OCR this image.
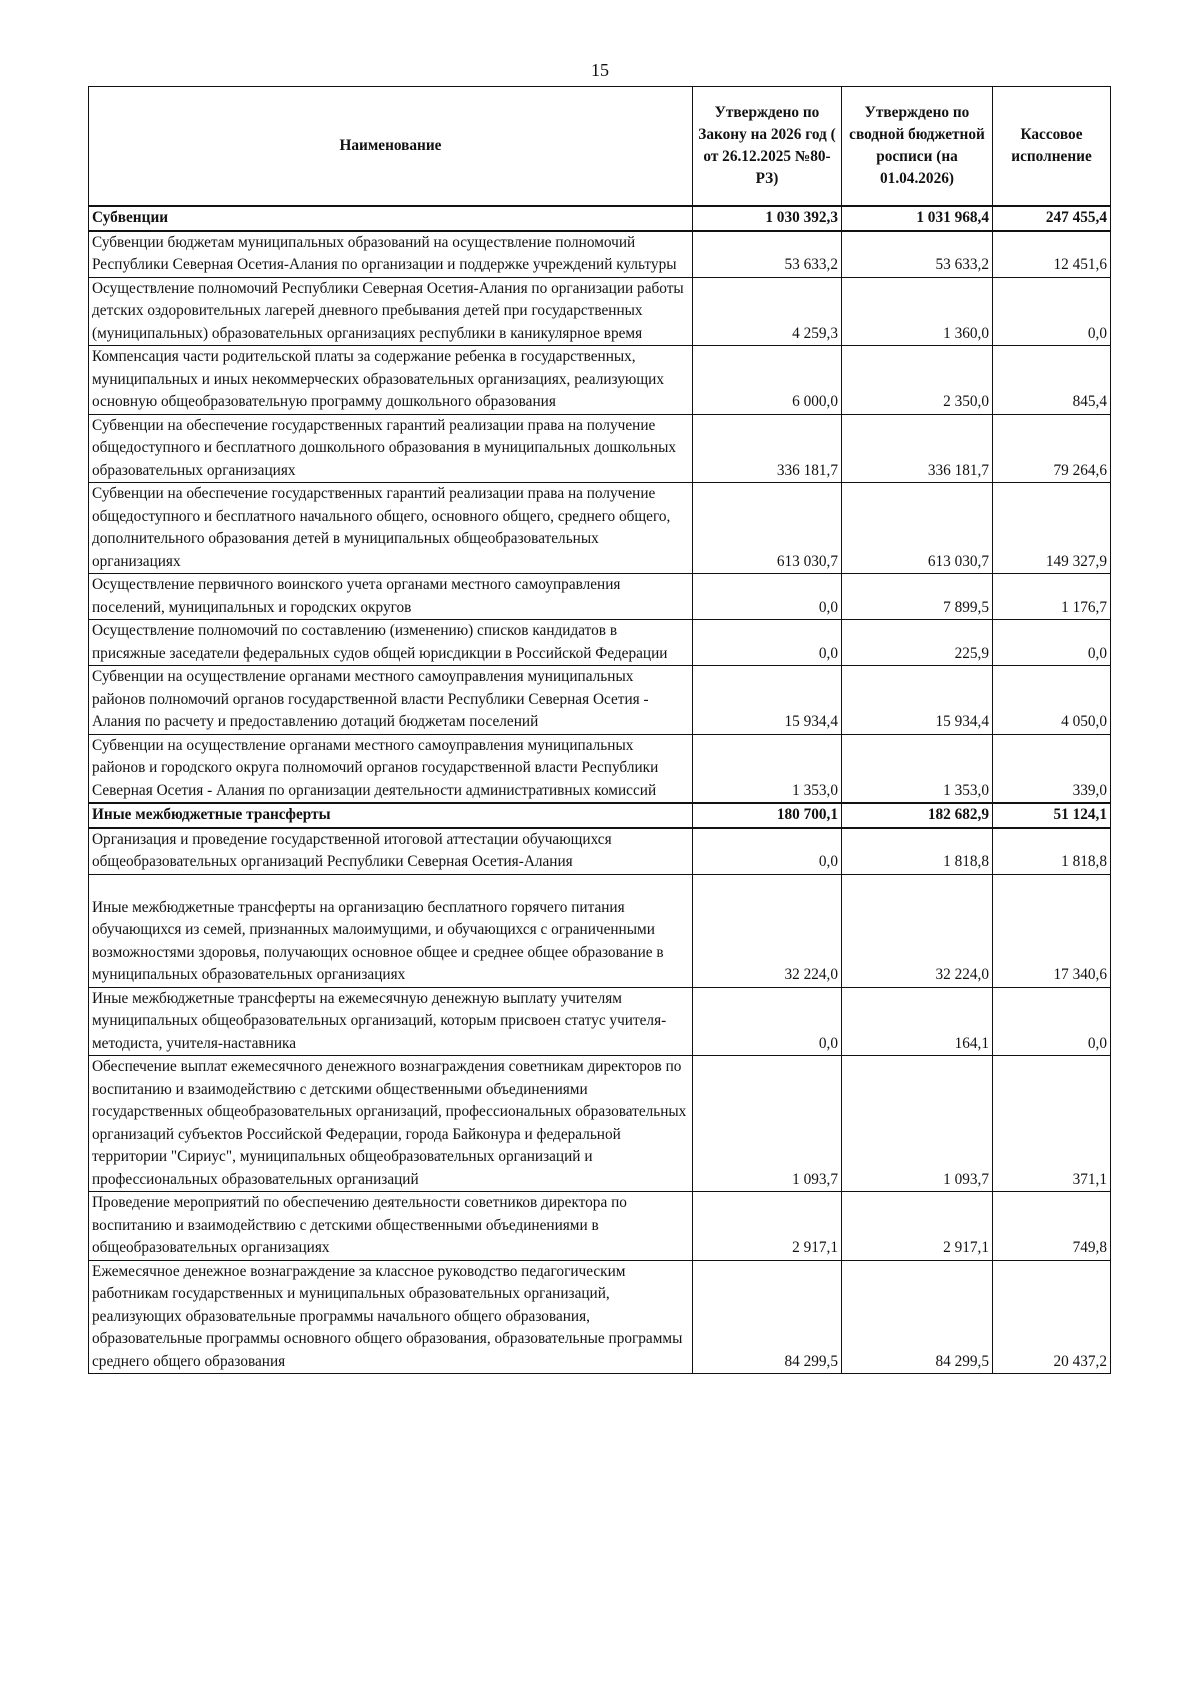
15
Наименование	Утверждено по Закону на 2026 год ( от 26.12.2025 №80-РЗ)	Утверждено по сводной бюджетной росписи (на 01.04.2026)	Кассовое исполнение
Субвенции	1 030 392,3	1 031 968,4	247 455,4
Субвенции бюджетам муниципальных образований на осуществление полномочий Республики Северная Осетия-Алания по организации и поддержке учреждений культуры	53 633,2	53 633,2	12 451,6
Осуществление полномочий Республики Северная Осетия-Алания по организации работы детских оздоровительных лагерей дневного пребывания детей при государственных (муниципальных) образовательных организациях республики в каникулярное время	4 259,3	1 360,0	0,0
Компенсация части родительской платы за содержание ребенка в государственных, муниципальных и иных некоммерческих образовательных организациях, реализующих основную общеобразовательную программу дошкольного образования	6 000,0	2 350,0	845,4
Субвенции на обеспечение государственных гарантий реализации права на получение общедоступного и бесплатного дошкольного образования в муниципальных дошкольных образовательных организациях	336 181,7	336 181,7	79 264,6
Субвенции на обеспечение государственных гарантий реализации права на получение общедоступного и бесплатного начального общего, основного общего, среднего общего, дополнительного образования детей в муниципальных общеобразовательных организациях	613 030,7	613 030,7	149 327,9
Осуществление первичного воинского учета органами местного самоуправления поселений, муниципальных и городских округов	0,0	7 899,5	1 176,7
Осуществление полномочий по составлению (изменению) списков кандидатов в присяжные заседатели федеральных судов общей юрисдикции в Российской Федерации	0,0	225,9	0,0
Субвенции на осуществление органами местного самоуправления муниципальных районов полномочий органов государственной власти Республики Северная Осетия - Алания по расчету и предоставлению дотаций бюджетам поселений	15 934,4	15 934,4	4 050,0
Субвенции на осуществление органами местного самоуправления муниципальных районов и городского округа полномочий органов государственной власти Республики Северная Осетия - Алания по организации деятельности административных комиссий	1 353,0	1 353,0	339,0
Иные межбюджетные трансферты	180 700,1	182 682,9	51 124,1
Организация и проведение государственной итоговой аттестации обучающихся общеобразовательных организаций Республики Северная Осетия-Алания	0,0	1 818,8	1 818,8

Иные межбюджетные трансферты на организацию бесплатного горячего питания обучающихся из семей, признанных малоимущими, и обучающихся с ограниченными возможностями здоровья, получающих основное общее и среднее общее образование в муниципальных образовательных организациях	32 224,0	32 224,0	17 340,6
Иные межбюджетные трансферты на ежемесячную денежную выплату учителям муниципальных общеобразовательных организаций, которым присвоен статус учителя-методиста, учителя-наставника	0,0	164,1	0,0
Обеспечение выплат ежемесячного денежного вознаграждения советникам директоров по воспитанию и взаимодействию с детскими общественными объединениями государственных общеобразовательных организаций, профессиональных образовательных организаций субъектов Российской Федерации, города Байконура и федеральной территории "Сириус", муниципальных общеобразовательных организаций и профессиональных образовательных организаций	1 093,7	1 093,7	371,1
Проведение мероприятий по обеспечению деятельности советников директора по воспитанию и взаимодействию с детскими общественными объединениями в общеобразовательных организациях	2 917,1	2 917,1	749,8
Ежемесячное денежное вознаграждение за классное руководство педагогическим работникам государственных и муниципальных образовательных организаций, реализующих образовательные программы начального общего образования, образовательные программы основного общего образования, образовательные программы среднего общего образования	84 299,5	84 299,5	20 437,2
